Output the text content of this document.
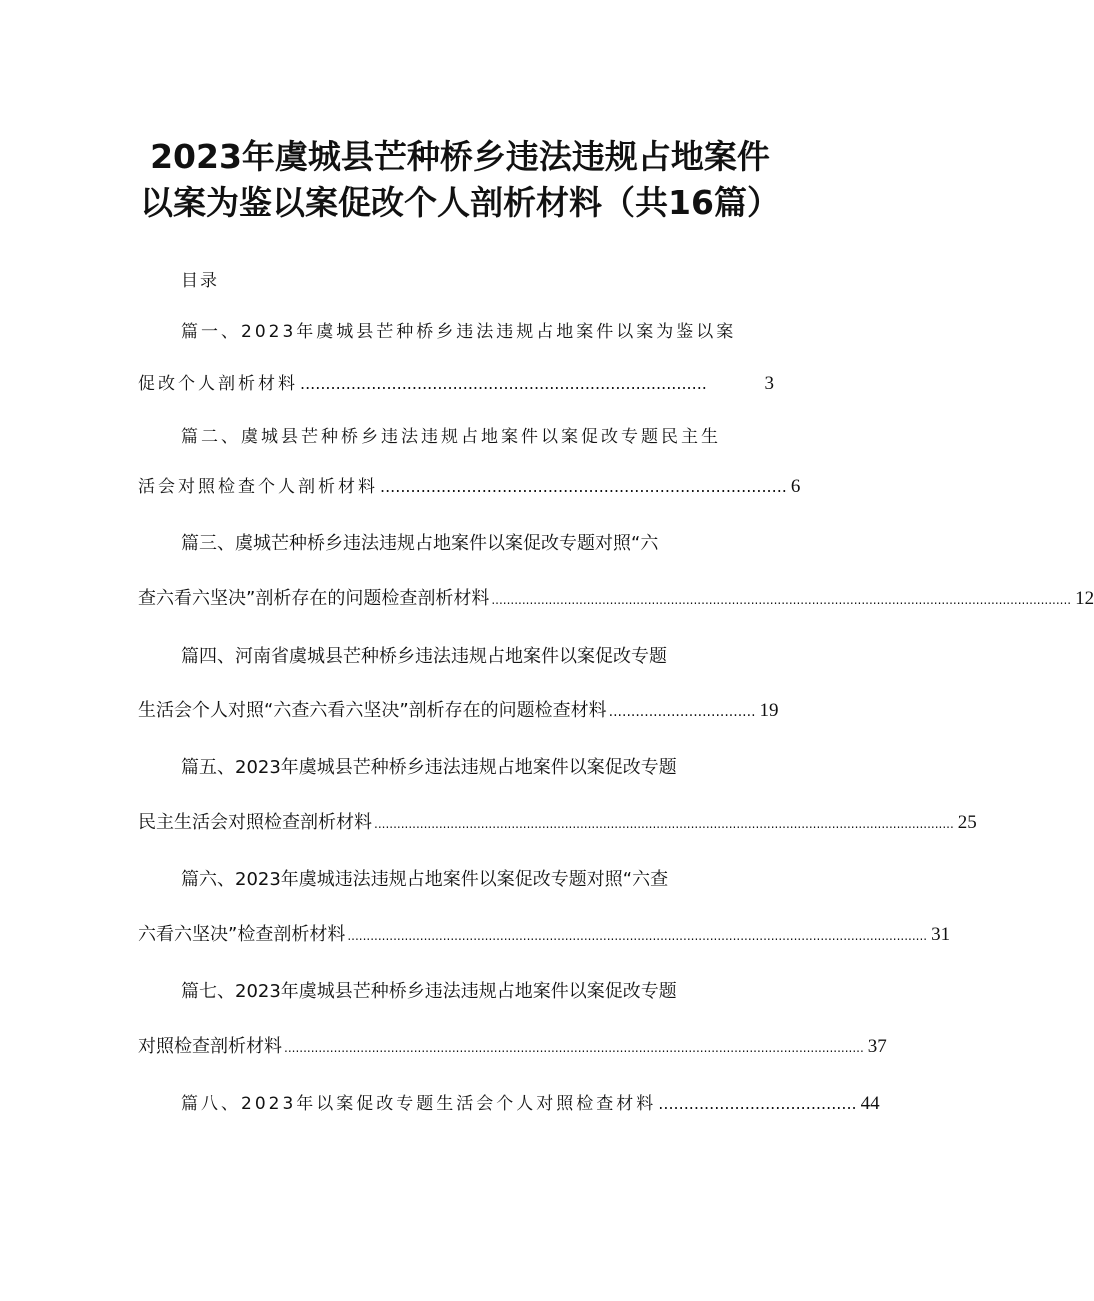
2023年虞城县芒种桥乡违法违规占地案件
以案为鉴以案促改个人剖析材料（共16篇）
目录
篇一、2023年虞城县芒种桥乡违法违规占地案件以案为鉴以案
促改个人剖析材料 ................................................................................	3
篇二、虞城县芒种桥乡违法违规占地案件以案促改专题民主生
活会对照检查个人剖析材料 ................................................................................ 6
篇三、虞城芒种桥乡违法违规占地案件以案促改专题对照“六
查六看六坚决”剖析存在的问题检查剖析材料 ........................................................................................................................................................ 12
篇四、河南省虞城县芒种桥乡违法违规占地案件以案促改专题
生活会个人对照“六查六看六坚决”剖析存在的问题检查材料 ................................. 19
篇五、2023年虞城县芒种桥乡违法违规占地案件以案促改专题
民主生活会对照检查剖析材料 ........................................................................................................................................................ 25
篇六、2023年虞城违法违规占地案件以案促改专题对照“六查
六看六坚决”检查剖析材料 ........................................................................................................................................................ 31
篇七、2023年虞城县芒种桥乡违法违规占地案件以案促改专题
对照检查剖析材料 ........................................................................................................................................................ 37
篇八、 2023年以案促改专题生活会个人对照检查材料 ....................................... 44
